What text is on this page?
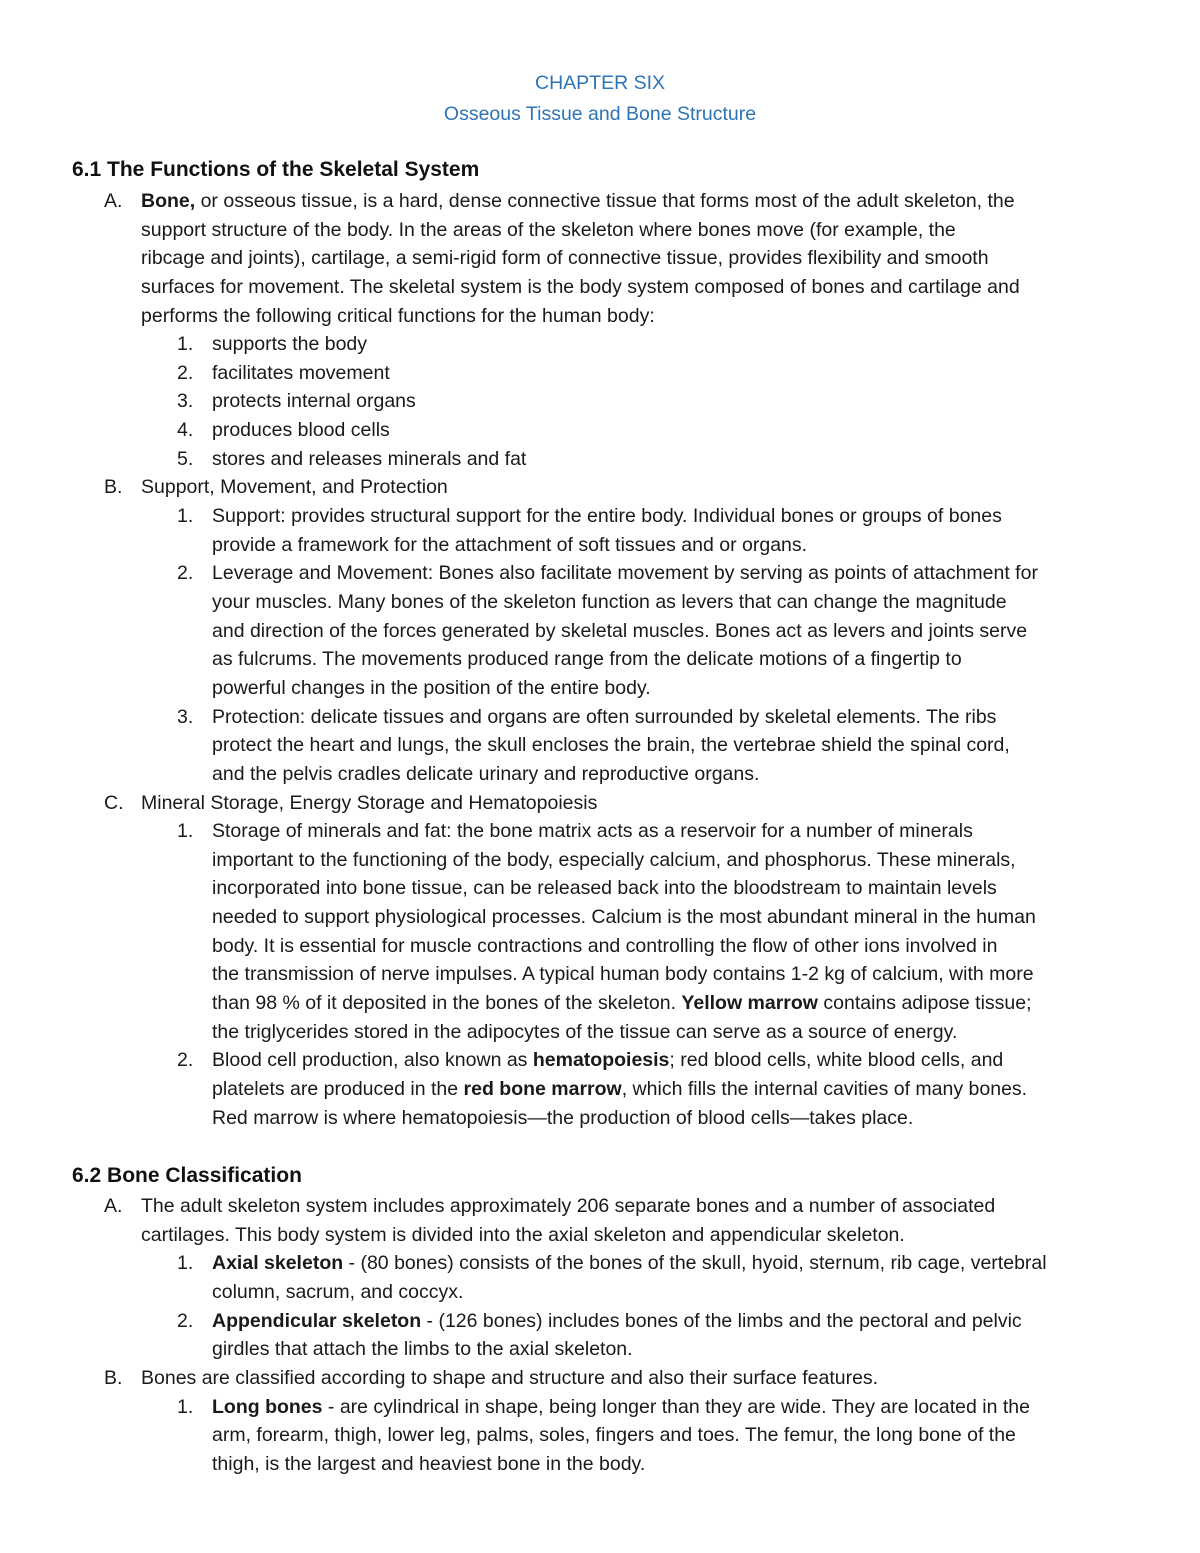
CHAPTER SIX
Osseous Tissue and Bone Structure
6.1 The Functions of the Skeletal System

A. Bone, or osseous tissue, is a hard, dense connective tissue that forms most of the adult skeleton, the

support structure of the body. In the areas of the skeleton where bones move (for example, the

ribcage and joints), cartilage, a semi-rigid form of connective tissue, provides flexibility and smooth

surfaces for movement. The skeletal system is the body system composed of bones and cartilage and

performs the following critical functions for the human body:

1. supports the body

2. facilitates movement

3. protects internal organs

4. produces blood cells

5. stores and releases minerals and fat

B. Support, Movement, and Protection

1. Support: provides structural support for the entire body. Individual bones or groups of bones

provide a framework for the attachment of soft tissues and or organs.

2. Leverage and Movement: Bones also facilitate movement by serving as points of attachment for

your muscles. Many bones of the skeleton function as levers that can change the magnitude

and direction of the forces generated by skeletal muscles. Bones act as levers and joints serve

as fulcrums. The movements produced range from the delicate motions of a fingertip to

powerful changes in the position of the entire body.

3. Protection: delicate tissues and organs are often surrounded by skeletal elements. The ribs

protect the heart and lungs, the skull encloses the brain, the vertebrae shield the spinal cord,

and the pelvis cradles delicate urinary and reproductive organs.

C. Mineral Storage, Energy Storage and Hematopoiesis

1. Storage of minerals and fat: the bone matrix acts as a reservoir for a number of minerals

important to the functioning of the body, especially calcium, and phosphorus. These minerals,

incorporated into bone tissue, can be released back into the bloodstream to maintain levels

needed to support physiological processes. Calcium is the most abundant mineral in the human

body. It is essential for muscle contractions and controlling the flow of other ions involved in

the transmission of nerve impulses. A typical human body contains 1-2 kg of calcium, with more

than 98 % of it deposited in the bones of the skeleton. Yellow marrow contains adipose tissue;

the triglycerides stored in the adipocytes of the tissue can serve as a source of energy.

2. Blood cell production, also known as hematopoiesis; red blood cells, white blood cells, and

platelets are produced in the red bone marrow, which fills the internal cavities of many bones.

Red marrow is where hematopoiesis—the production of blood cells—takes place.

6.2 Bone Classification

A. The adult skeleton system includes approximately 206 separate bones and a number of associated

cartilages. This body system is divided into the axial skeleton and appendicular skeleton.

1. Axial skeleton - (80 bones) consists of the bones of the skull, hyoid, sternum, rib cage, vertebral

column, sacrum, and coccyx.

2. Appendicular skeleton - (126 bones) includes bones of the limbs and the pectoral and pelvic

girdles that attach the limbs to the axial skeleton.

B. Bones are classified according to shape and structure and also their surface features.

1. Long bones - are cylindrical in shape, being longer than they are wide. They are located in the

arm, forearm, thigh, lower leg, palms, soles, fingers and toes. The femur, the long bone of the

thigh, is the largest and heaviest bone in the body.
